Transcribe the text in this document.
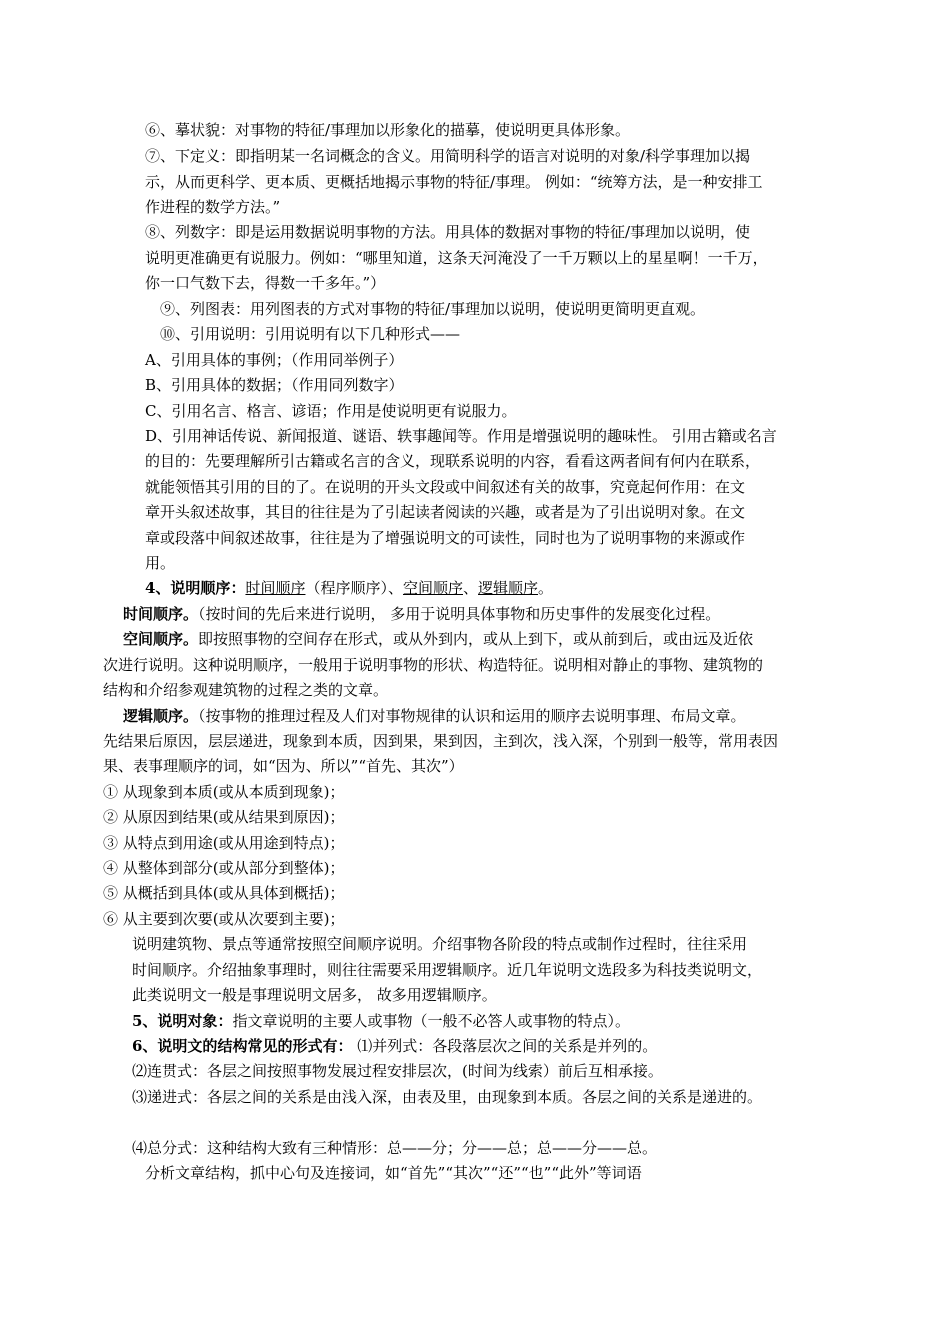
⑥、摹状貌：对事物的特征/事理加以形象化的描摹，使说明更具体形象。
⑦、下定义：即指明某一名词概念的含义。用简明科学的语言对说明的对象/科学事理加以揭
示，从而更科学、更本质、更概括地揭示事物的特征/事理。 例如：“统筹方法，是一种安排工
作进程的数学方法。”
⑧、列数字：即是运用数据说明事物的方法。用具体的数据对事物的特征/事理加以说明，使
说明更准确更有说服力。例如：“哪里知道，这条天河淹没了一千万颗以上的星星啊！一千万，
你一口气数下去，得数一千多年。”）
⑨、列图表：用列图表的方式对事物的特征/事理加以说明，使说明更简明更直观。
⑩、引用说明：引用说明有以下几种形式——
A、引用具体的事例；（作用同举例子）
B、引用具体的数据；（作用同列数字）
C、引用名言、格言、谚语；作用是使说明更有说服力。
D、引用神话传说、新闻报道、谜语、轶事趣闻等。作用是增强说明的趣味性。 引用古籍或名言
的目的：先要理解所引古籍或名言的含义，现联系说明的内容，看看这两者间有何内在联系，
就能领悟其引用的目的了。在说明的开头文段或中间叙述有关的故事，究竟起何作用：在文
章开头叙述故事，其目的往往是为了引起读者阅读的兴趣，或者是为了引出说明对象。在文
章或段落中间叙述故事，往往是为了增强说明文的可读性，同时也为了说明事物的来源或作
用。
4、说明顺序：时间顺序（程序顺序）、空间顺序、逻辑顺序。
时间顺序。（按时间的先后来进行说明， 多用于说明具体事物和历史事件的发展变化过程。
空间顺序。即按照事物的空间存在形式，或从外到内，或从上到下，或从前到后，或由远及近依
次进行说明。这种说明顺序，一般用于说明事物的形状、构造特征。说明相对静止的事物、建筑物的
结构和介绍参观建筑物的过程之类的文章。
逻辑顺序。（按事物的推理过程及人们对事物规律的认识和运用的顺序去说明事理、布局文章。
先结果后原因，层层递进，现象到本质，因到果，果到因，主到次，浅入深，个别到一般等，常用表因
果、表事理顺序的词，如“因为、所以”“首先、其次”）
① 从现象到本质(或从本质到现象)；
② 从原因到结果(或从结果到原因)；
③ 从特点到用途(或从用途到特点)；
④ 从整体到部分(或从部分到整体)；
⑤ 从概括到具体(或从具体到概括)；
⑥ 从主要到次要(或从次要到主要)；
说明建筑物、景点等通常按照空间顺序说明。介绍事物各阶段的特点或制作过程时，往往采用
时间顺序。介绍抽象事理时，则往往需要采用逻辑顺序。近几年说明文选段多为科技类说明文，
此类说明文一般是事理说明文居多， 故多用逻辑顺序。
5、说明对象：指文章说明的主要人或事物（一般不必答人或事物的特点）。
6、说明文的结构常见的形式有： ⑴并列式：各段落层次之间的关系是并列的。
⑵连贯式：各层之间按照事物发展过程安排层次，(时间为线索）前后互相承接。
⑶递进式：各层之间的关系是由浅入深，由表及里，由现象到本质。各层之间的关系是递进的。
⑷总分式：这种结构大致有三种情形：总——分；分——总；总——分——总。
分析文章结构，抓中心句及连接词，如“首先”“其次”“还”“也”“此外”等词语
